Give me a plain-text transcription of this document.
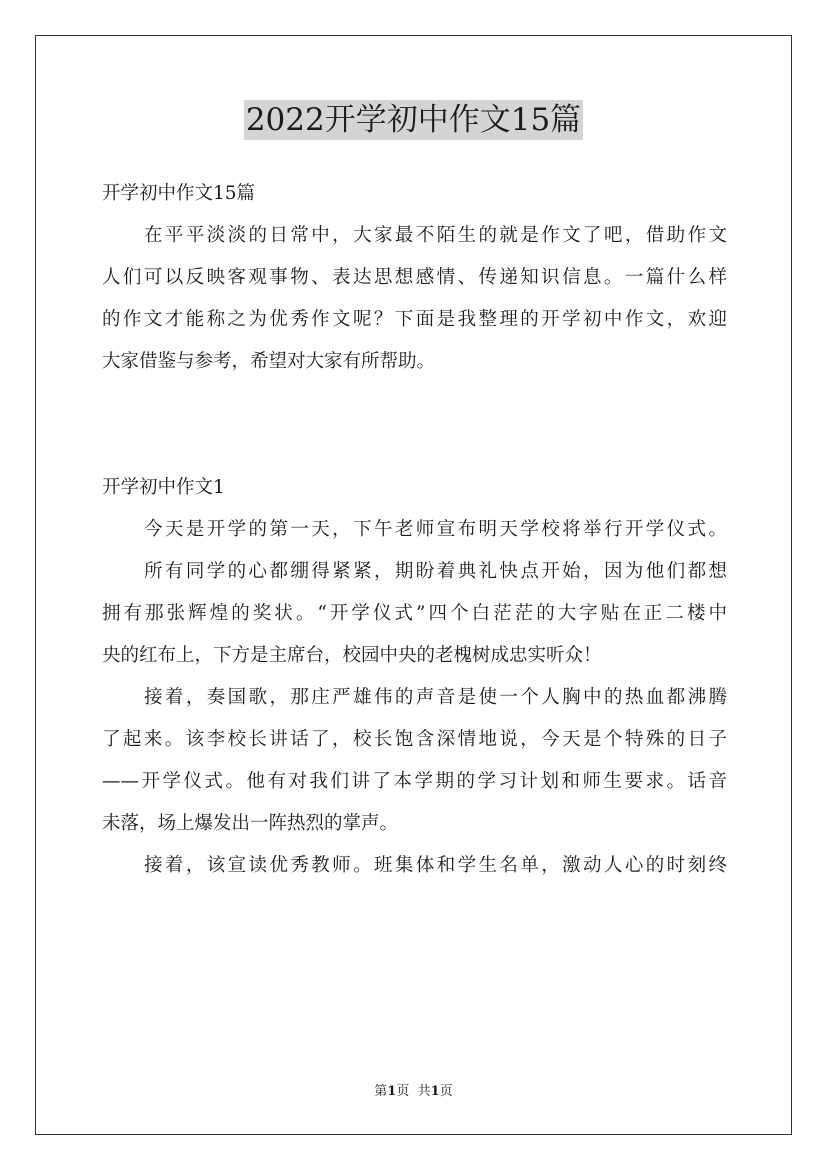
2022开学初中作文15篇
开学初中作文15篇
在平平淡淡的日常中，大家最不陌生的就是作文了吧，借助作文
人们可以反映客观事物、表达思想感情、传递知识信息。一篇什么样
的作文才能称之为优秀作文呢？下面是我整理的开学初中作文，欢迎
大家借鉴与参考，希望对大家有所帮助。
开学初中作文1
今天是开学的第一天，下午老师宣布明天学校将举行开学仪式。
所有同学的心都绷得紧紧，期盼着典礼快点开始，因为他们都想
拥有那张辉煌的奖状。“开学仪式”四个白茫茫的大字贴在正二楼中
央的红布上，下方是主席台，校园中央的老槐树成忠实听众！
接着，奏国歌，那庄严雄伟的声音是使一个人胸中的热血都沸腾
了起来。该李校长讲话了，校长饱含深情地说，今天是个特殊的日子
——开学仪式。他有对我们讲了本学期的学习计划和师生要求。话音
未落，场上爆发出一阵热烈的掌声。
接着，该宣读优秀教师。班集体和学生名单，激动人心的时刻终
第1页 共1页
